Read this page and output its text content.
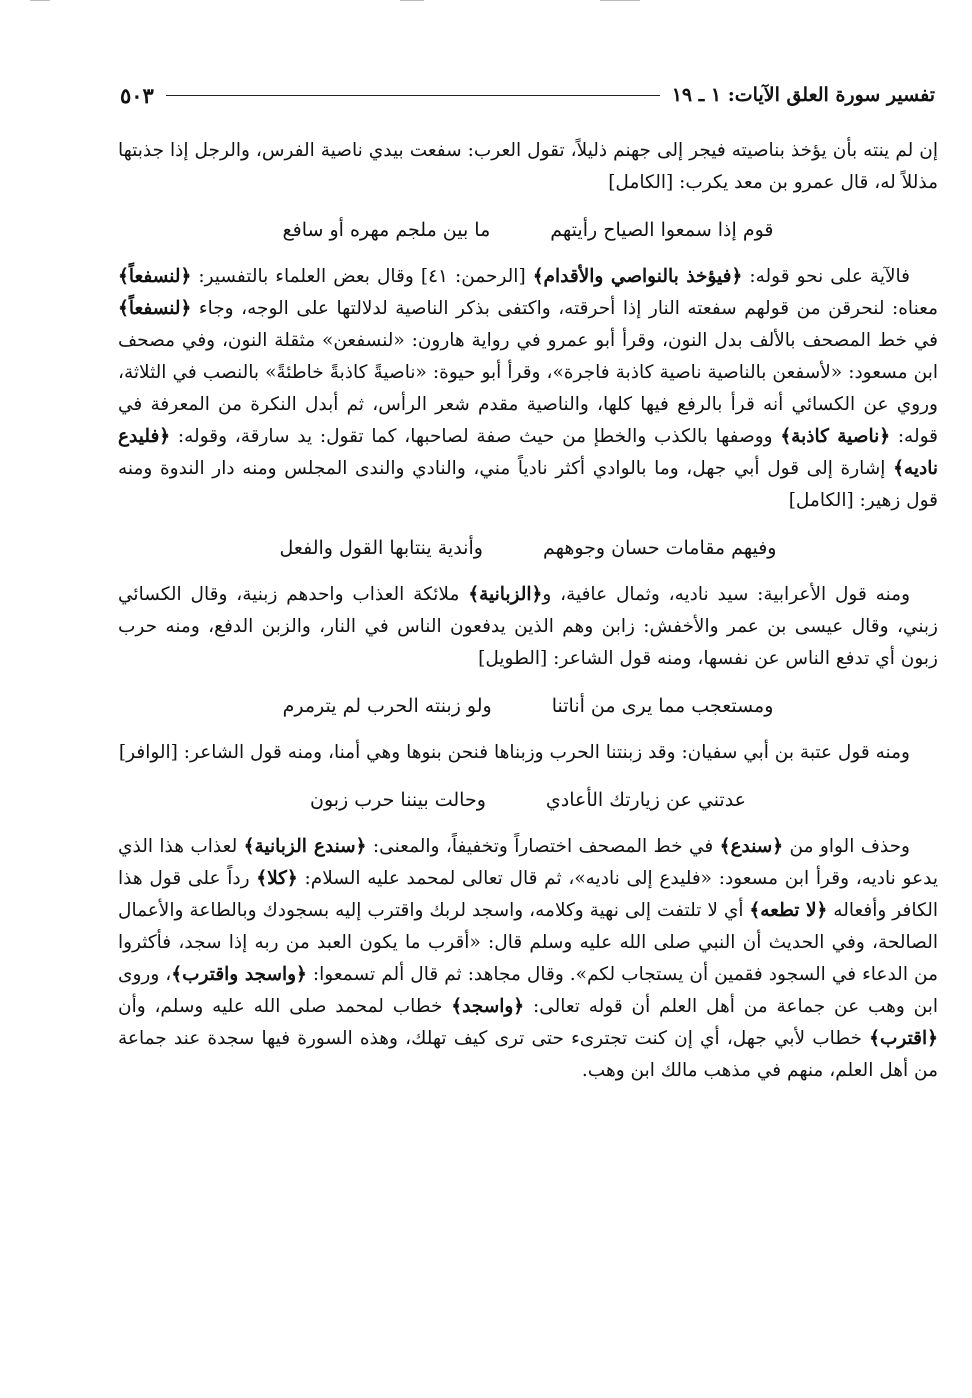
تفسير سورة العلق الآيات: ١ ـ ١٩
٥٠٣

إن لم ينته بأن يؤخذ بناصيته فيجر إلى جهنم ذليلاً، تقول العرب: سفعت بيدي ناصية الفرس، والرجل إذا جذبتها مذللاً له، قال عمرو بن معد يكرب: [الكامل]

قوم إذا سمعوا الصياح رأيتهم
ما بين ملجم مهره أو سافع

فالآية على نحو قوله: ﴿فيؤخذ بالنواصي والأقدام﴾ [الرحمن: ٤١] وقال بعض العلماء بالتفسير: ﴿لنسفعاً﴾ معناه: لنحرقن من قولهم سفعته النار إذا أحرقته، واكتفى بذكر الناصية لدلالتها على الوجه، وجاء ﴿لنسفعاً﴾ في خط المصحف بالألف بدل النون، وقرأ أبو عمرو في رواية هارون: «لنسفعن» مثقلة النون، وفي مصحف ابن مسعود: «لأسفعن بالناصية ناصية كاذبة فاجرة»، وقرأ أبو حيوة: «ناصيةً كاذبةً خاطئةً» بالنصب في الثلاثة، وروي عن الكسائي أنه قرأ بالرفع فيها كلها، والناصية مقدم شعر الرأس، ثم أبدل النكرة من المعرفة في قوله: ﴿ناصية كاذبة﴾ ووصفها بالكذب والخطإ من حيث صفة لصاحبها، كما تقول: يد سارقة، وقوله: ﴿فليدع ناديه﴾ إشارة إلى قول أبي جهل، وما بالوادي أكثر نادياً مني، والنادي والندى المجلس ومنه دار الندوة ومنه قول زهير: [الكامل]

وفيهم مقامات حسان وجوههم
وأندية ينتابها القول والفعل

ومنه قول الأعرابية: سيد ناديه، وثمال عافية، و﴿الزبانية﴾ ملائكة العذاب واحدهم زبنية، وقال الكسائي زبني، وقال عيسى بن عمر والأخفش: زابن وهم الذين يدفعون الناس في النار، والزبن الدفع، ومنه حرب زبون أي تدفع الناس عن نفسها، ومنه قول الشاعر: [الطويل]

ومستعجب مما يرى من أناتنا
ولو زبنته الحرب لم يترمرم

ومنه قول عتبة بن أبي سفيان: وقد زبنتنا الحرب وزبناها فنحن بنوها وهي أمنا، ومنه قول الشاعر: [الوافر]

عدتني عن زيارتك الأعادي
وحالت بيننا حرب زبون

وحذف الواو من ﴿سندع﴾ في خط المصحف اختصاراً وتخفيفاً، والمعنى: ﴿سندع الزبانية﴾ لعذاب هذا الذي يدعو ناديه، وقرأ ابن مسعود: «فليدع إلى ناديه»، ثم قال تعالى لمحمد عليه السلام: ﴿كلا﴾ رداً على قول هذا الكافر وأفعاله ﴿لا تطعه﴾ أي لا تلتفت إلى نهية وكلامه، واسجد لربك واقترب إليه بسجودك وبالطاعة والأعمال الصالحة، وفي الحديث أن النبي صلى الله عليه وسلم قال: «أقرب ما يكون العبد من ربه إذا سجد، فأكثروا من الدعاء في السجود فقمين أن يستجاب لكم». وقال مجاهد: ثم قال ألم تسمعوا: ﴿واسجد واقترب﴾، وروى ابن وهب عن جماعة من أهل العلم أن قوله تعالى: ﴿واسجد﴾ خطاب لمحمد صلى الله عليه وسلم، وأن ﴿اقترب﴾ خطاب لأبي جهل، أي إن كنت تجترىء حتى ترى كيف تهلك، وهذه السورة فيها سجدة عند جماعة من أهل العلم، منهم في مذهب مالك ابن وهب.
